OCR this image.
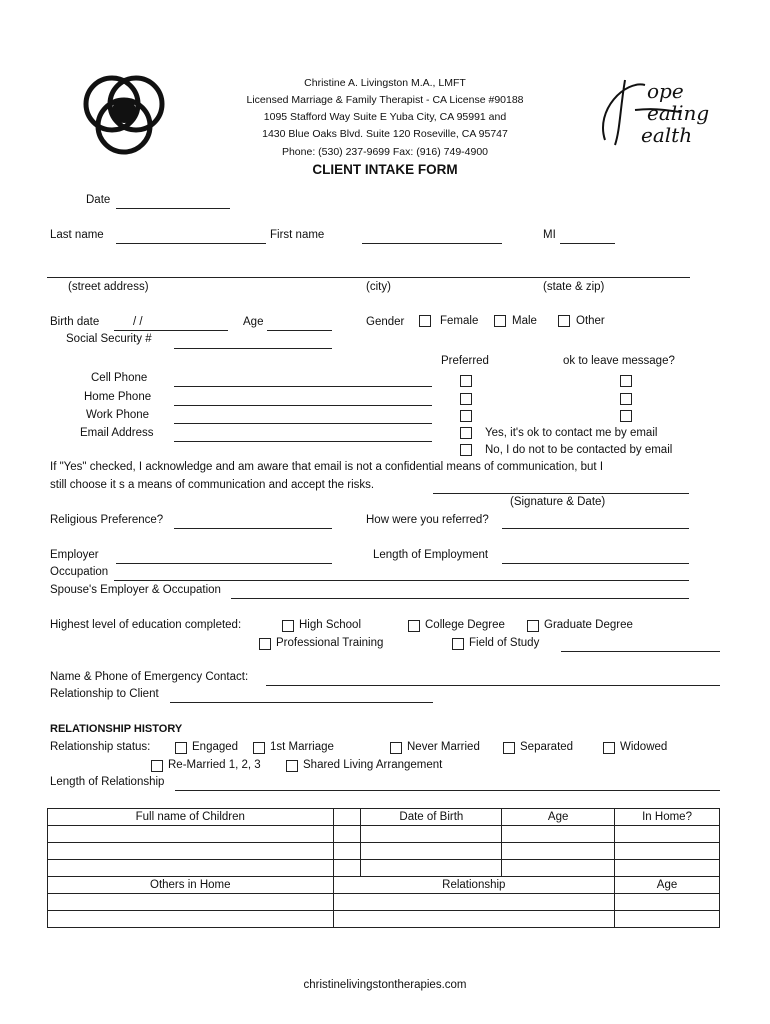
Christine A. Livingston M.A., LMFT
Licensed Marriage & Family Therapist - CA License #90188
1095 Stafford Way Suite E Yuba City, CA 95991 and
1430 Blue Oaks Blvd. Suite 120 Roseville, CA 95747
Phone: (530) 237-9699 Fax: (916) 749-4900
CLIENT INTAKE FORM
ope
ealing
ealth
Date
Last name	First name	MI
(street address)	(city)	(state & zip)
Birth date	/ /	Age	Gender	Female	Male	Other
Social Security #
Preferred	ok to leave message?
Cell Phone
Home Phone
Work Phone
Email Address	Yes, it's ok to contact me by email
No, I do not to be contacted by email
If "Yes" checked, I acknowledge and am aware that email is not a confidential means of communication, but I
still choose it s a means of communication and accept the risks.
(Signature & Date)
Religious Preference?	How were you referred?
Employer	Length of Employment
Occupation
Spouse's Employer & Occupation
Highest level of education completed:	High School	College Degree	Graduate Degree
Professional Training	Field of Study
Name & Phone of Emergency Contact:
Relationship to Client
RELATIONSHIP HISTORY
Relationship status:	Engaged	1st Marriage	Never Married	Separated	Widowed
Re-Married 1, 2, 3	Shared Living Arrangement
Length of Relationship
Full name of Children		Date of Birth	Age	In Home?

Others in Home	Relationship			Age

christinelivingstontherapies.com
